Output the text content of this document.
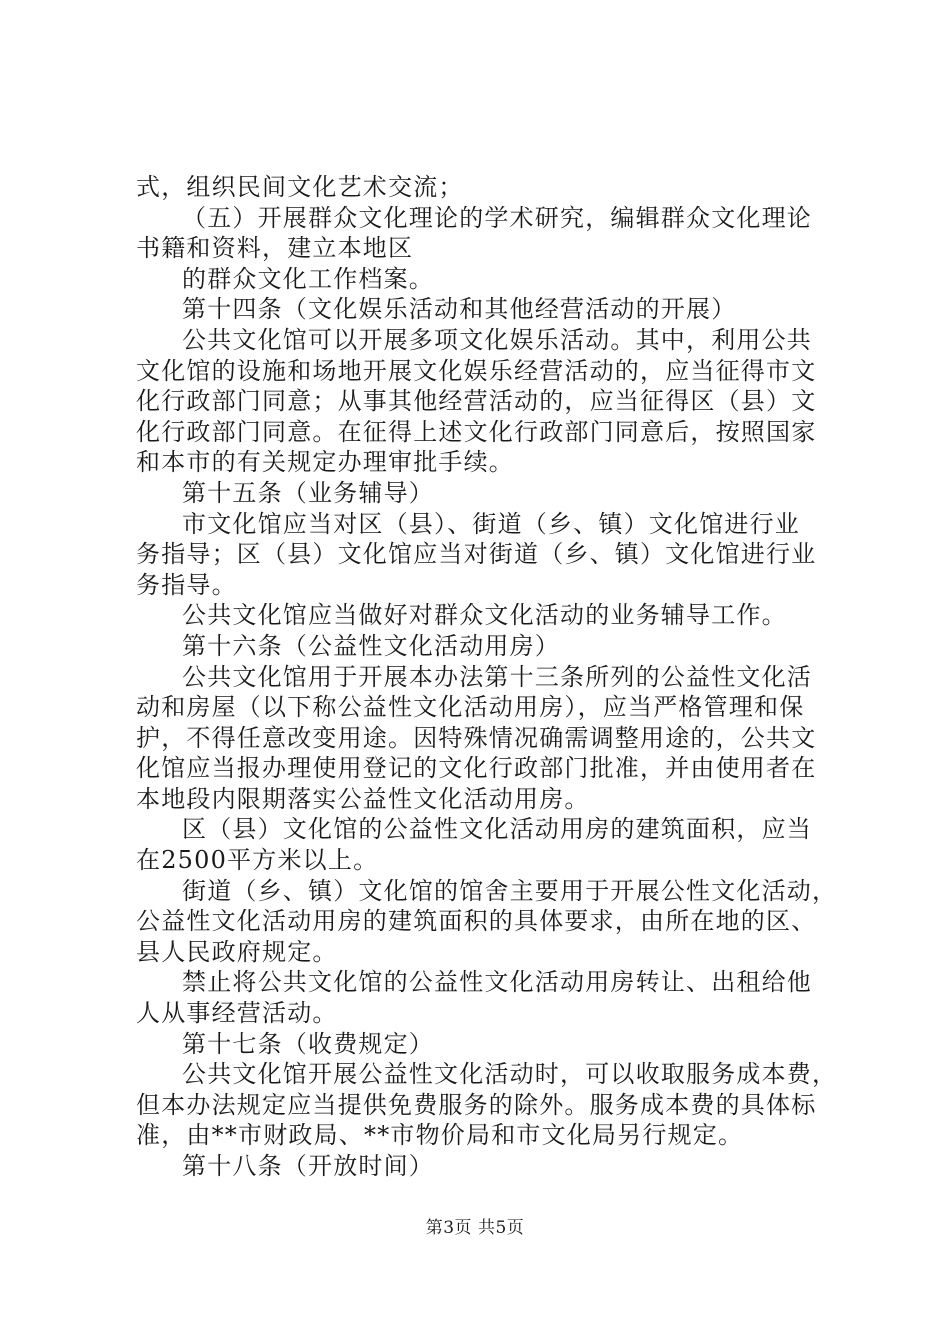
式，组织民间文化艺术交流；
（五）开展群众文化理论的学术研究，编辑群众文化理论
书籍和资料，建立本地区
的群众文化工作档案。
第十四条（文化娱乐活动和其他经营活动的开展）
公共文化馆可以开展多项文化娱乐活动。其中，利用公共
文化馆的设施和场地开展文化娱乐经营活动的，应当征得市文
化行政部门同意；从事其他经营活动的，应当征得区（县）文
化行政部门同意。在征得上述文化行政部门同意后，按照国家
和本市的有关规定办理审批手续。
第十五条（业务辅导）
市文化馆应当对区（县）、街道（乡、镇）文化馆进行业
务指导；区（县）文化馆应当对街道（乡、镇）文化馆进行业
务指导。
公共文化馆应当做好对群众文化活动的业务辅导工作。
第十六条（公益性文化活动用房）
公共文化馆用于开展本办法第十三条所列的公益性文化活
动和房屋（以下称公益性文化活动用房），应当严格管理和保
护，不得任意改变用途。因特殊情况确需调整用途的，公共文
化馆应当报办理使用登记的文化行政部门批准，并由使用者在
本地段内限期落实公益性文化活动用房。
区（县）文化馆的公益性文化活动用房的建筑面积，应当
在2500平方米以上。
街道（乡、镇）文化馆的馆舍主要用于开展公性文化活动，
公益性文化活动用房的建筑面积的具体要求，由所在地的区、
县人民政府规定。
禁止将公共文化馆的公益性文化活动用房转让、出租给他
人从事经营活动。
第十七条（收费规定）
公共文化馆开展公益性文化活动时，可以收取服务成本费，
但本办法规定应当提供免费服务的除外。服务成本费的具体标
准，由**市财政局、**市物价局和市文化局另行规定。
第十八条（开放时间）
第3页 共5页
